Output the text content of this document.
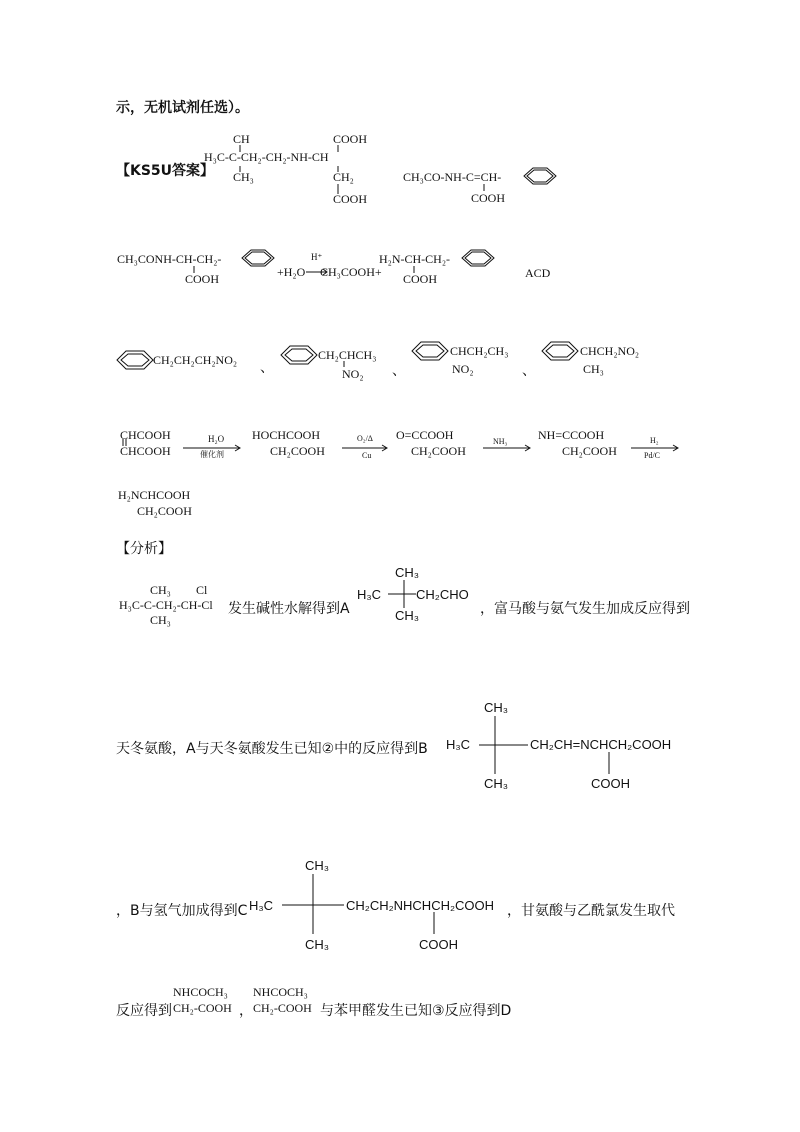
示，无机试剂任选）。
【KS5U答案】
CH	COOH
H₃C-C-CH₂-CH₂-NH-CH
CH₃	CH₂
COOH
CH₃CO-NH-C=CH-
COOH
CH₃CONH-CH-CH₂-
COOH	+H₂O
H⁺
CH₃COOH+
H₂N-CH-CH₂-
COOH	ACD
CH₂CH₂CH₂NO₂ 、
CH₂CHCH₃
NO₂ 、
CHCH₂CH₃
NO₂	、
CHCH₂NO₂
CH₃
CHCOOH
CHCOOH
H₂O
催化剂
HOCHCOOH
CH₂COOH
O₂/Δ
Cu
O=CCOOH
CH₂COOH
NH₃	NH=CCOOH
CH₂COOH
H₂
Pd/C
H₂NCHCOOH
CH₂COOH
【分析】
CH₃
H₃C-C-CH₂-CH-Cl
Cl
CH₃
发生碱性水解得到A
CH₃
H₃C	CH₂CHO
CH₃	，富马酸与氨气发生加成反应得到
天冬氨酸，A与天冬氨酸发生已知②中的反应得到B
CH₃
H₃C	CH₂CH=NCHCH₂COOH
CH₃	COOH
，B与氢气加成得到C
CH₃
H₃C	CH₂CH₂NHCHCH₂COOH
CH₃	COOH
，甘氨酸与乙酰氯发生取代
反应得到
NHCOCH₃
CH₂-COOH ，
NHCOCH₃
CH₂-COOH 与苯甲醛发生已知③反应得到D
